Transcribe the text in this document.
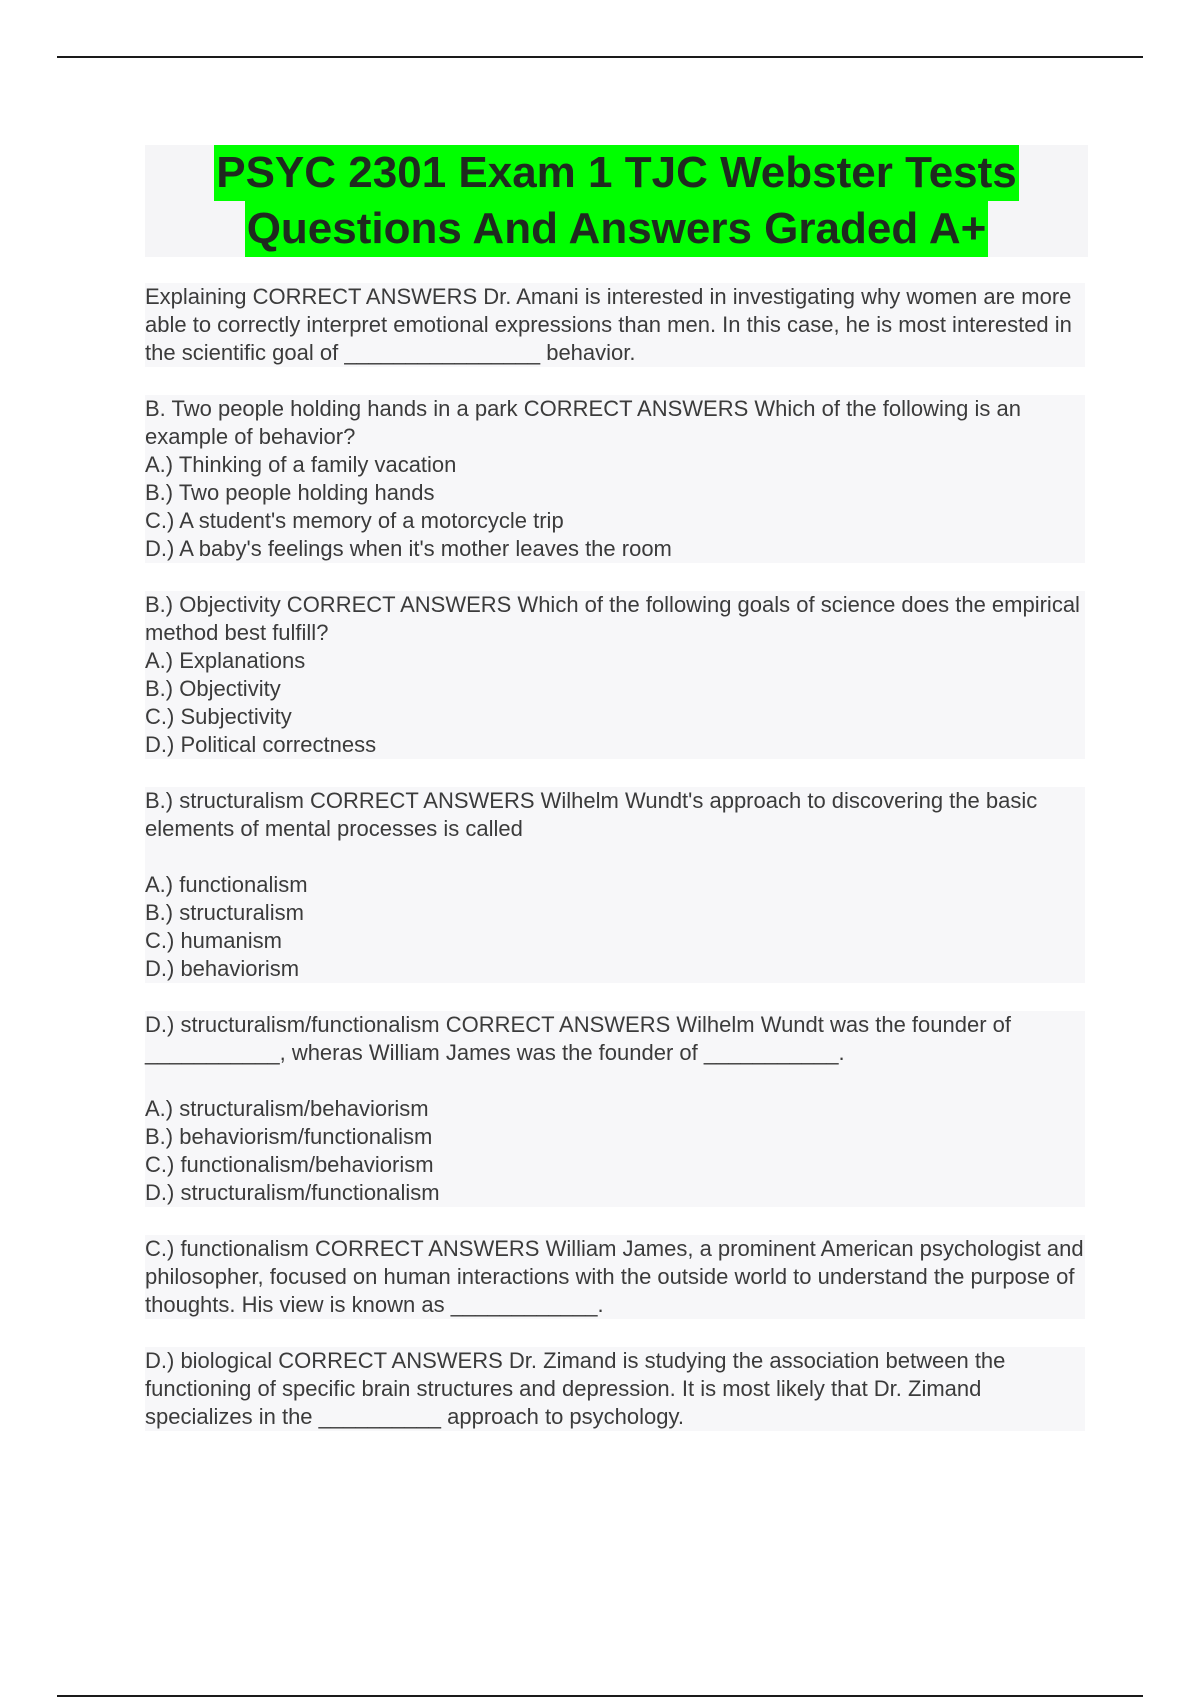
PSYC 2301 Exam 1 TJC Webster Tests
Questions And Answers Graded A+

Explaining CORRECT ANSWERS Dr. Amani is interested in investigating why women are more able to correctly interpret emotional expressions than men. In this case, he is most interested in the scientific goal of ________________ behavior.

B. Two people holding hands in a park CORRECT ANSWERS Which of the following is an example of behavior?

A.) Thinking of a family vacation
B.) Two people holding hands
C.) A student's memory of a motorcycle trip
D.) A baby's feelings when it's mother leaves the room

B.) Objectivity CORRECT ANSWERS Which of the following goals of science does the empirical method best fulfill?

A.) Explanations
B.) Objectivity
C.) Subjectivity
D.) Political correctness

B.) structuralism CORRECT ANSWERS Wilhelm Wundt's approach to discovering the basic elements of mental processes is called

A.) functionalism
B.) structuralism
C.) humanism
D.) behaviorism

D.) structuralism/functionalism CORRECT ANSWERS Wilhelm Wundt was the founder of ___________, wheras William James was the founder of ___________.

A.) structuralism/behaviorism
B.) behaviorism/functionalism
C.) functionalism/behaviorism
D.) structuralism/functionalism

C.) functionalism CORRECT ANSWERS William James, a prominent American psychologist and philosopher, focused on human interactions with the outside world to understand the purpose of thoughts. His view is known as ____________.

D.) biological CORRECT ANSWERS Dr. Zimand is studying the association between the functioning of specific brain structures and depression. It is most likely that Dr. Zimand specializes in the __________ approach to psychology.
